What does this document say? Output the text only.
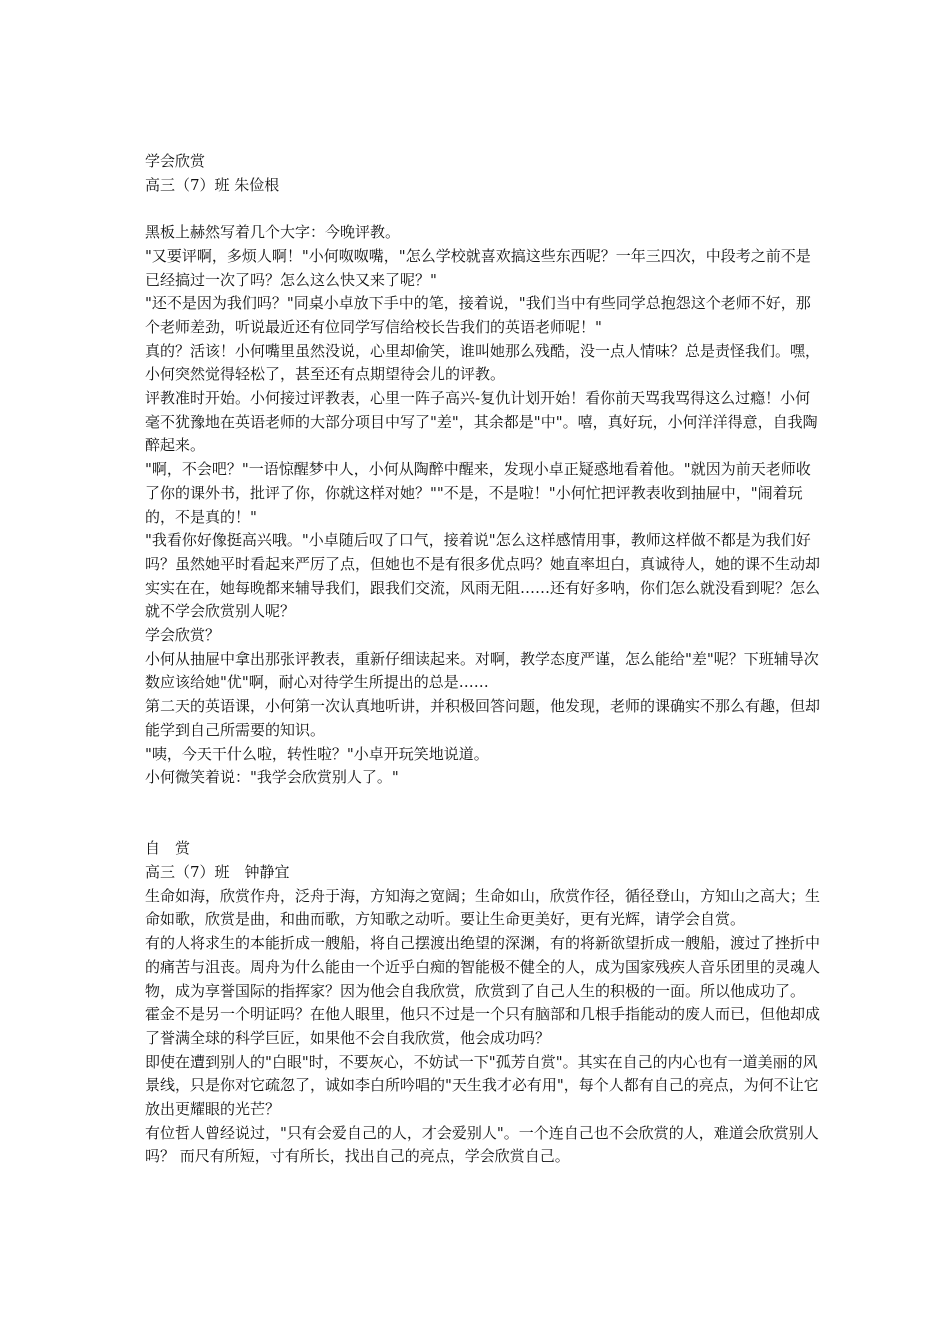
学会欣赏

高三（7）班 朱俭根

黑板上赫然写着几个大字：今晚评教。

"又要评啊，多烦人啊！"小何呶呶嘴，"怎么学校就喜欢搞这些东西呢？一年三四次，中段考之前不是已经搞过一次了吗？怎么这么快又来了呢？"

"还不是因为我们吗？"同桌小卓放下手中的笔，接着说，"我们当中有些同学总抱怨这个老师不好，那个老师差劲，听说最近还有位同学写信给校长告我们的英语老师呢！"

真的？活该！小何嘴里虽然没说，心里却偷笑，谁叫她那么残酷，没一点人情味？总是责怪我们。嘿，小何突然觉得轻松了，甚至还有点期望待会儿的评教。

评教准时开始。小何接过评教表，心里一阵子高兴-复仇计划开始！看你前天骂我骂得这么过瘾！小何毫不犹豫地在英语老师的大部分项目中写了"差"，其余都是"中"。嘻，真好玩，小何洋洋得意，自我陶醉起来。

"啊，不会吧？"一语惊醒梦中人，小何从陶醉中醒来，发现小卓正疑惑地看着他。"就因为前天老师收了你的课外书，批评了你，你就这样对她？""不是，不是啦！"小何忙把评教表收到抽屉中，"闹着玩的，不是真的！"

"我看你好像挺高兴哦。"小卓随后叹了口气，接着说"怎么这样感情用事，教师这样做不都是为我们好吗？虽然她平时看起来严厉了点，但她也不是有很多优点吗？她直率坦白，真诚待人，她的课不生动却实实在在，她每晚都来辅导我们，跟我们交流，风雨无阻……还有好多呐，你们怎么就没看到呢？怎么就不学会欣赏别人呢？

学会欣赏？

小何从抽屉中拿出那张评教表，重新仔细读起来。对啊，教学态度严谨，怎么能给"差"呢？下班辅导次数应该给她"优"啊，耐心对待学生所提出的总是……

第二天的英语课，小何第一次认真地听讲，并积极回答问题，他发现，老师的课确实不那么有趣，但却能学到自己所需要的知识。

"咦，今天干什么啦，转性啦？"小卓开玩笑地说道。

小何微笑着说："我学会欣赏别人了。"

自　赏

高三（7）班　钟静宜

生命如海，欣赏作舟，泛舟于海，方知海之宽阔；生命如山，欣赏作径，循径登山，方知山之高大；生命如歌，欣赏是曲，和曲而歌，方知歌之动听。要让生命更美好，更有光辉，请学会自赏。

有的人将求生的本能折成一艘船，将自己摆渡出绝望的深渊，有的将新欲望折成一艘船，渡过了挫折中的痛苦与沮丧。周舟为什么能由一个近乎白痴的智能极不健全的人，成为国家残疾人音乐团里的灵魂人物，成为享誉国际的指挥家？因为他会自我欣赏，欣赏到了自己人生的积极的一面。所以他成功了。

霍金不是另一个明证吗？在他人眼里，他只不过是一个只有脑部和几根手指能动的废人而已，但他却成了誉满全球的科学巨匠，如果他不会自我欣赏，他会成功吗？

即使在遭到别人的"白眼"时，不要灰心，不妨试一下"孤芳自赏"。其实在自己的内心也有一道美丽的风景线，只是你对它疏忽了，诚如李白所吟唱的"天生我才必有用"，每个人都有自己的亮点，为何不让它放出更耀眼的光芒？

有位哲人曾经说过，"只有会爱自己的人，才会爱别人"。一个连自己也不会欣赏的人，难道会欣赏别人吗？ 而尺有所短，寸有所长，找出自己的亮点，学会欣赏自己。
